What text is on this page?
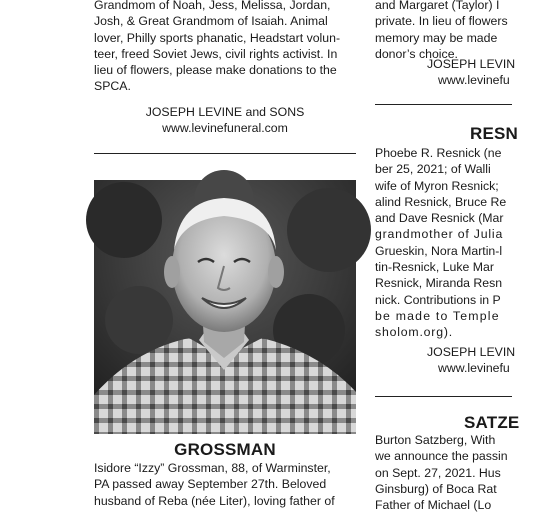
Grandmom of Noah, Jess, Melissa, Jordan,
Josh, & Great Grandmom of Isaiah. Animal
lover, Philly sports phanatic, Headstart volun-
teer, freed Soviet Jews, civil rights activist. In
lieu of flowers, please make donations to the
SPCA.
JOSEPH LEVINE and SONS
www.levinefuneral.com
GROSSMAN
Isidore “Izzy” Grossman, 88, of Warminster,
PA passed away September 27th. Beloved
husband of Reba (née Liter), loving father of
and Margaret (Taylor) I
private. In lieu of flowers
memory may be made
donor’s choice.
JOSEPH LEVIN
www.levinefu
RESN
Phoebe R. Resnick (ne
ber 25, 2021; of Walli
wife of Myron Resnick;
alind Resnick, Bruce Re
and Dave Resnick (Mar
grandmother of Julia
Grueskin, Nora Martin-l
tin-Resnick, Luke Mar
Resnick, Miranda Resn
nick. Contributions in P
be made to Temple
sholom.org).
JOSEPH LEVIN
www.levinefu
SATZE
Burton Satzberg, With
we announce the passin
on Sept. 27, 2021. Hus
Ginsburg) of Boca Rat
Father of Michael (Lo
